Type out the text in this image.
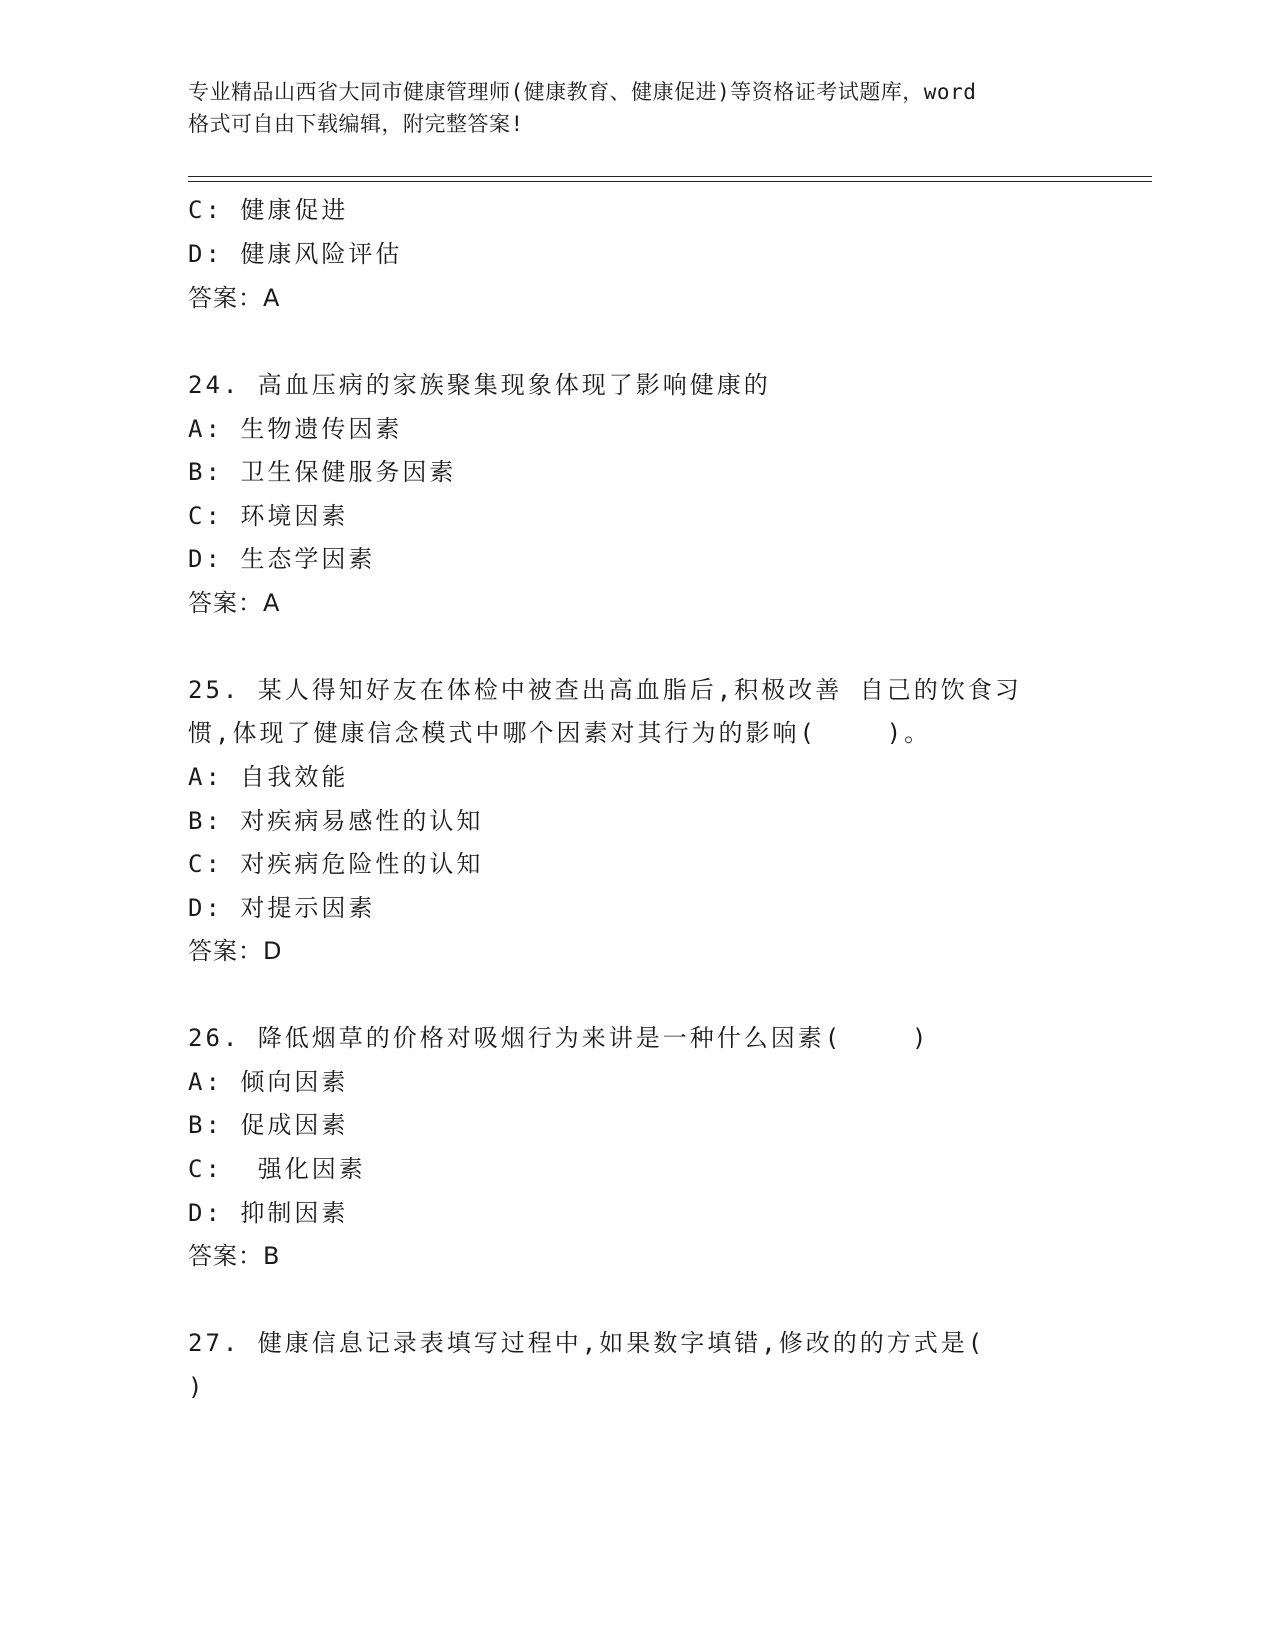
专业精品山西省大同市健康管理师(健康教育、健康促进)等资格证考试题库，word
格式可自由下载编辑，附完整答案!
C: 健康促进
D: 健康风险评估
答案：A
24. 高血压病的家族聚集现象体现了影响健康的
A: 生物遗传因素
B: 卫生保健服务因素
C: 环境因素
D: 生态学因素
答案：A
25. 某人得知好友在体检中被查出高血脂后,积极改善 自己的饮食习
惯,体现了健康信念模式中哪个因素对其行为的影响(    )。
A: 自我效能
B: 对疾病易感性的认知
C: 对疾病危险性的认知
D: 对提示因素
答案：D
26. 降低烟草的价格对吸烟行为来讲是一种什么因素(    )
A: 倾向因素
B: 促成因素
C:  强化因素
D: 抑制因素
答案：B
27. 健康信息记录表填写过程中,如果数字填错,修改的的方式是(
)
